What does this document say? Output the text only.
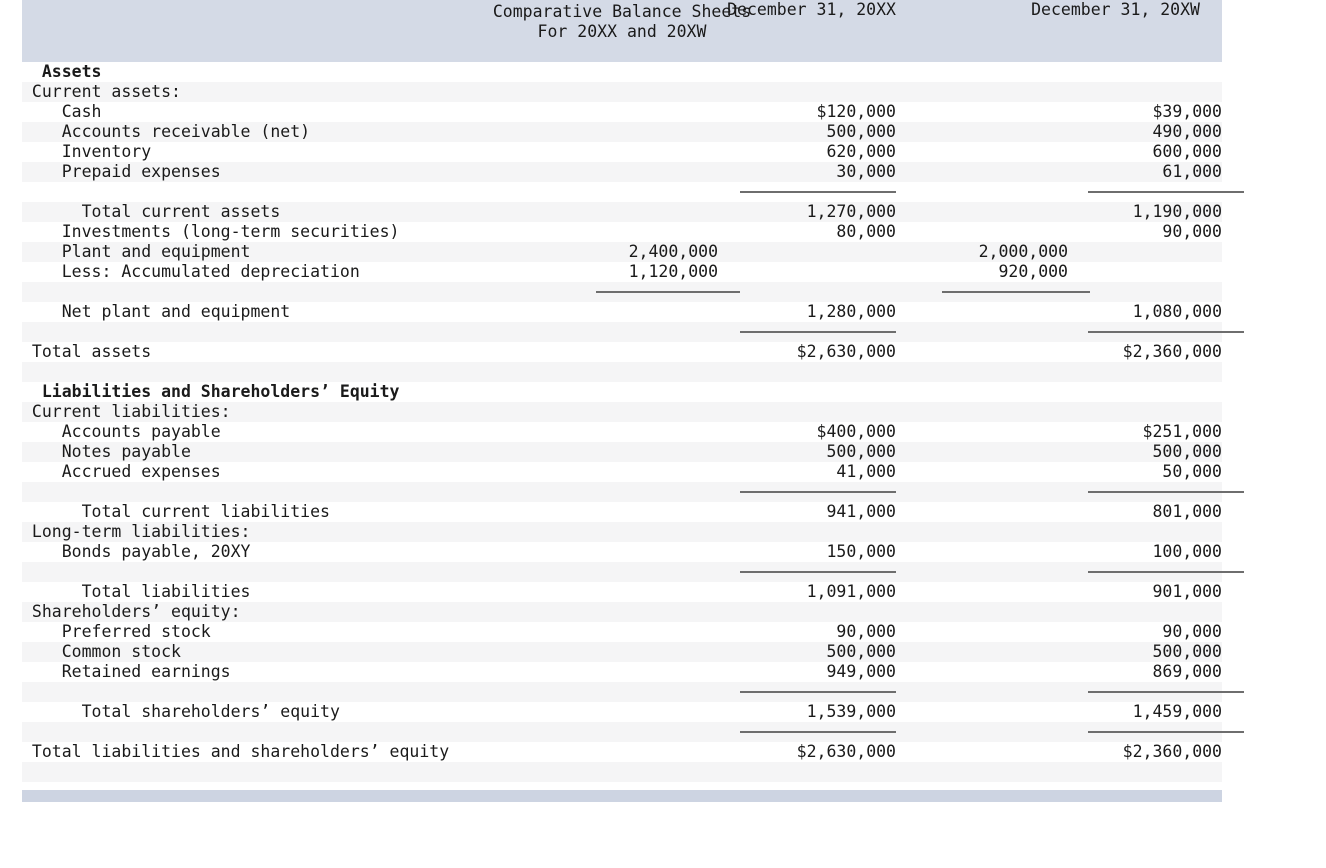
Comparative Balance Sheets
For 20XX and 20XW
December 31, 20XX	December 31, 20XW
Assets
Current assets:
Cash	$120,000	$39,000
Accounts receivable (net)	500,000	490,000
Inventory	620,000	600,000
Prepaid expenses	30,000	61,000
Total current assets	1,270,000	1,190,000
Investments (long-term securities)	80,000	90,000
Plant and equipment	2,400,000	2,000,000
Less: Accumulated depreciation	1,120,000	920,000
Net plant and equipment	1,280,000	1,080,000
Total assets	$2,630,000	$2,360,000
Liabilities and Shareholders’ Equity
Current liabilities:
Accounts payable	$400,000	$251,000
Notes payable	500,000	500,000
Accrued expenses	41,000	50,000
Total current liabilities	941,000	801,000
Long-term liabilities:
Bonds payable, 20XY	150,000	100,000
Total liabilities	1,091,000	901,000
Shareholders’ equity:
Preferred stock	90,000	90,000
Common stock	500,000	500,000
Retained earnings	949,000	869,000
Total shareholders’ equity	1,539,000	1,459,000
Total liabilities and shareholders’ equity	$2,630,000	$2,360,000
